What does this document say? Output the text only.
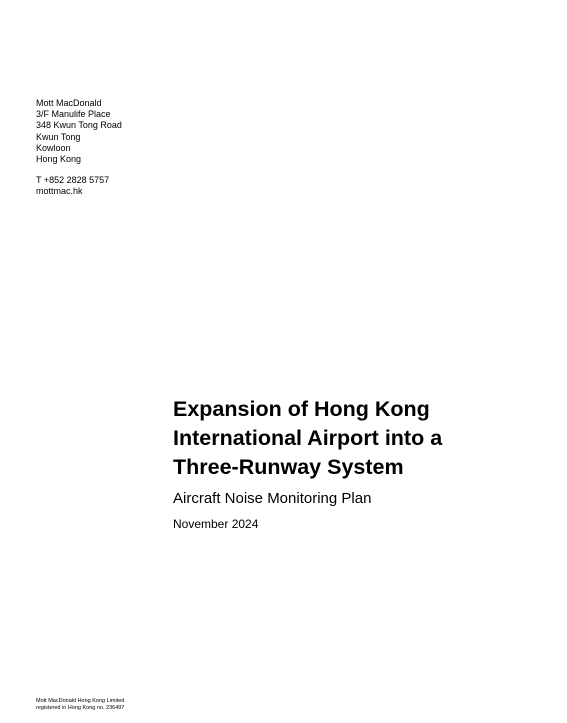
Mott MacDonald
3/F Manulife Place
348 Kwun Tong Road
Kwun Tong
Kowloon
Hong Kong
T +852 2828 5757
mottmac.hk
Expansion of Hong Kong
International Airport into a
Three-Runway System

Aircraft Noise Monitoring Plan

November 2024

Mott MacDonald Hong Kong Limited
registered in Hong Kong no. 236497
